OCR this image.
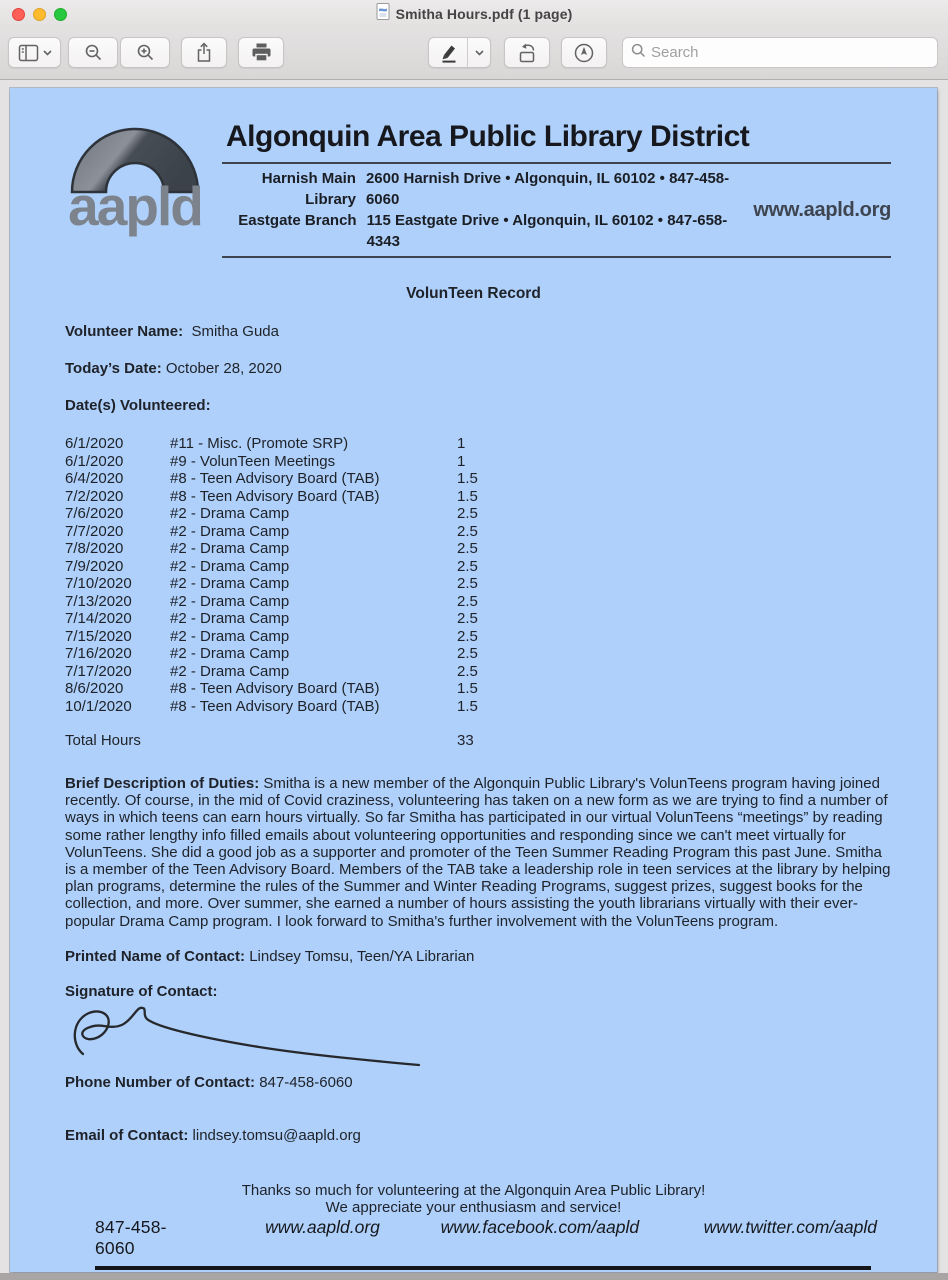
Smitha Hours.pdf (1 page)
Search
aapld
Algonquin Area Public Library District
Harnish Main Library
2600 Harnish Drive • Algonquin, IL 60102 • 847-458-6060
Eastgate Branch 115 Eastgate Drive • Algonquin, IL 60102 • 847-658-4343
www.aapld.org
VolunTeen Record
Volunteer Name: Smitha Guda
Today’s Date: October 28, 2020
Date(s) Volunteered:
6/1/2020	#11 - Misc. (Promote SRP)	1
6/1/2020	#9 - VolunTeen Meetings	1
6/4/2020	#8 - Teen Advisory Board (TAB)	1.5
7/2/2020	#8 - Teen Advisory Board (TAB)	1.5
7/6/2020	#2 - Drama Camp	2.5
7/7/2020	#2 - Drama Camp	2.5
7/8/2020	#2 - Drama Camp	2.5
7/9/2020	#2 - Drama Camp	2.5
7/10/2020	#2 - Drama Camp	2.5
7/13/2020	#2 - Drama Camp	2.5
7/14/2020	#2 - Drama Camp	2.5
7/15/2020	#2 - Drama Camp	2.5
7/16/2020	#2 - Drama Camp	2.5
7/17/2020	#2 - Drama Camp	2.5
8/6/2020	#8 - Teen Advisory Board (TAB)	1.5
10/1/2020	#8 - Teen Advisory Board (TAB)	1.5
Total Hours	33

Brief Description of Duties: Smitha is a new member of the Algonquin Public Library's VolunTeens program having joined recently. Of course, in the mid of Covid craziness, volunteering has taken on a new form as we are trying to find a number of ways in which teens can earn hours virtually. So far Smitha has participated in our virtual VolunTeens “meetings” by reading some rather lengthy info filled emails about volunteering opportunities and responding since we can't meet virtually for VolunTeens. She did a good job as a supporter and promoter of the Teen Summer Reading Program this past June. Smitha is a member of the Teen Advisory Board. Members of the TAB take a leadership role in teen services at the library by helping plan programs, determine the rules of the Summer and Winter Reading Programs, suggest prizes, suggest books for the collection, and more. Over summer, she earned a number of hours assisting the youth librarians virtually with their ever-popular Drama Camp program. I look forward to Smitha's further involvement with the VolunTeens program.

Printed Name of Contact: Lindsey Tomsu, Teen/YA Librarian
Signature of Contact:
Phone Number of Contact: 847-458-6060
Email of Contact: lindsey.tomsu@aapld.org
Thanks so much for volunteering at the Algonquin Area Public Library!
We appreciate your enthusiasm and service!
847-458-6060
www.aapld.org	www.facebook.com/aapld	www.twitter.com/aapld
